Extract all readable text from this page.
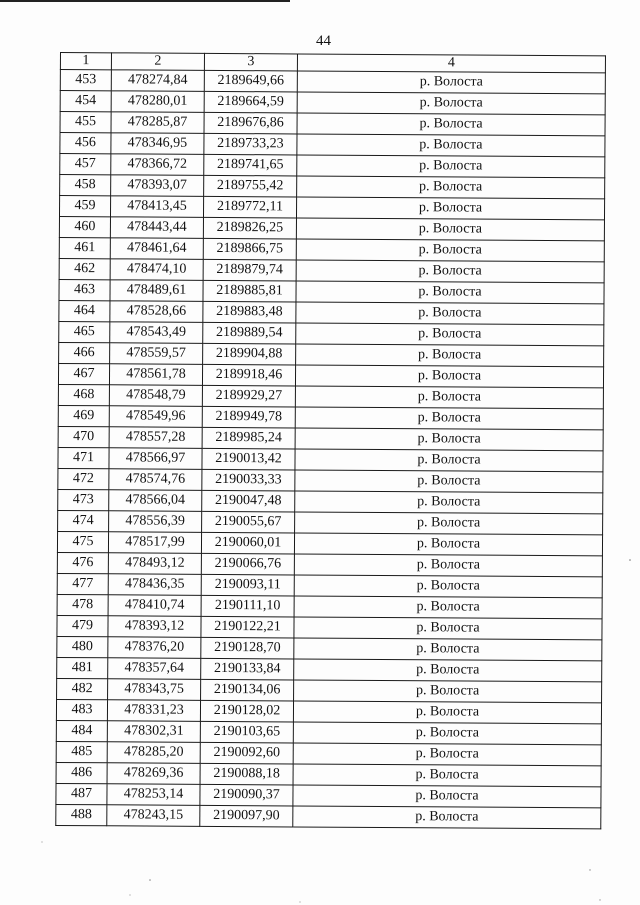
44
1	2	3	4
453	478274,84	2189649,66	р. Волоста
454	478280,01	2189664,59	р. Волоста
455	478285,87	2189676,86	р. Волоста
456	478346,95	2189733,23	р. Волоста
457	478366,72	2189741,65	р. Волоста
458	478393,07	2189755,42	р. Волоста
459	478413,45	2189772,11	р. Волоста
460	478443,44	2189826,25	р. Волоста
461	478461,64	2189866,75	р. Волоста
462	478474,10	2189879,74	р. Волоста
463	478489,61	2189885,81	р. Волоста
464	478528,66	2189883,48	р. Волоста
465	478543,49	2189889,54	р. Волоста
466	478559,57	2189904,88	р. Волоста
467	478561,78	2189918,46	р. Волоста
468	478548,79	2189929,27	р. Волоста
469	478549,96	2189949,78	р. Волоста
470	478557,28	2189985,24	р. Волоста
471	478566,97	2190013,42	р. Волоста
472	478574,76	2190033,33	р. Волоста
473	478566,04	2190047,48	р. Волоста
474	478556,39	2190055,67	р. Волоста
475	478517,99	2190060,01	р. Волоста
476	478493,12	2190066,76	р. Волоста
477	478436,35	2190093,11	р. Волоста
478	478410,74	2190111,10	р. Волоста
479	478393,12	2190122,21	р. Волоста
480	478376,20	2190128,70	р. Волоста
481	478357,64	2190133,84	р. Волоста
482	478343,75	2190134,06	р. Волоста
483	478331,23	2190128,02	р. Волоста
484	478302,31	2190103,65	р. Волоста
485	478285,20	2190092,60	р. Волоста
486	478269,36	2190088,18	р. Волоста
487	478253,14	2190090,37	р. Волоста
488	478243,15	2190097,90	р. Волоста
